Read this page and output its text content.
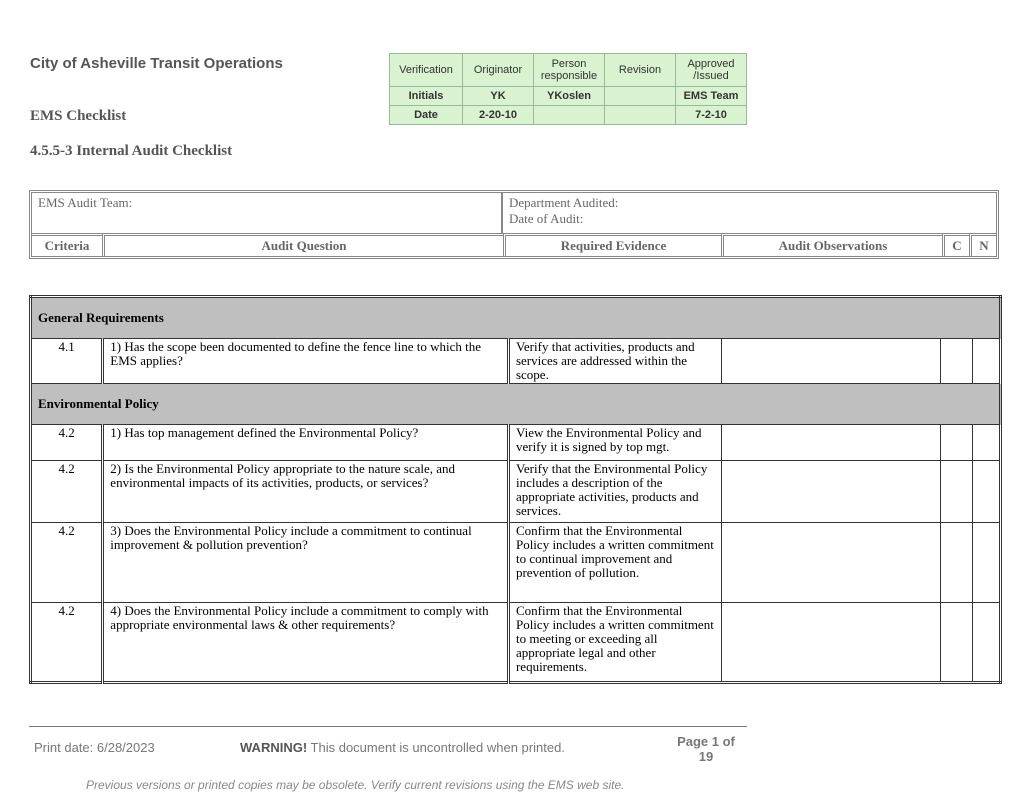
City of Asheville Transit Operations
EMS Checklist
4.5.5-3 Internal Audit Checklist
Verification	Originator	Person responsible	Revision	Approved /Issued
Initials	YK	YKoslen		EMS Team
Date	2-20-10			7-2-10
EMS Audit Team:		Department Audited:
Date of Audit:			

Criteria	Audit Question	Required Evidence	Audit Observations	C	N
General Requirements					
4.1	1) Has the scope been documented to define the fence line to which the EMS applies?	Verify that activities, products and services are addressed within the scope.			
Environmental Policy					
4.2	1) Has top management defined the Environmental Policy?	View the Environmental Policy and verify it is signed by top mgt.			
4.2	2) Is the Environmental Policy appropriate to the nature scale, and environmental impacts of its activities, products, or services?	Verify that the Environmental Policy includes a description of the appropriate activities, products and services.			
4.2	3) Does the Environmental Policy include a commitment to continual improvement & pollution prevention?	Confirm that the Environmental Policy includes a written commitment to continual improvement and prevention of pollution.			
4.2	4) Does the Environmental Policy include a commitment to comply with appropriate environmental laws & other requirements?	Confirm that the Environmental Policy includes a written commitment to meeting or exceeding all appropriate legal and other requirements.			
Print date: 6/28/2023	WARNING! This document is uncontrolled when printed.	Page 1 of
19
Previous versions or printed copies may be obsolete. Verify current revisions using the EMS web site.
